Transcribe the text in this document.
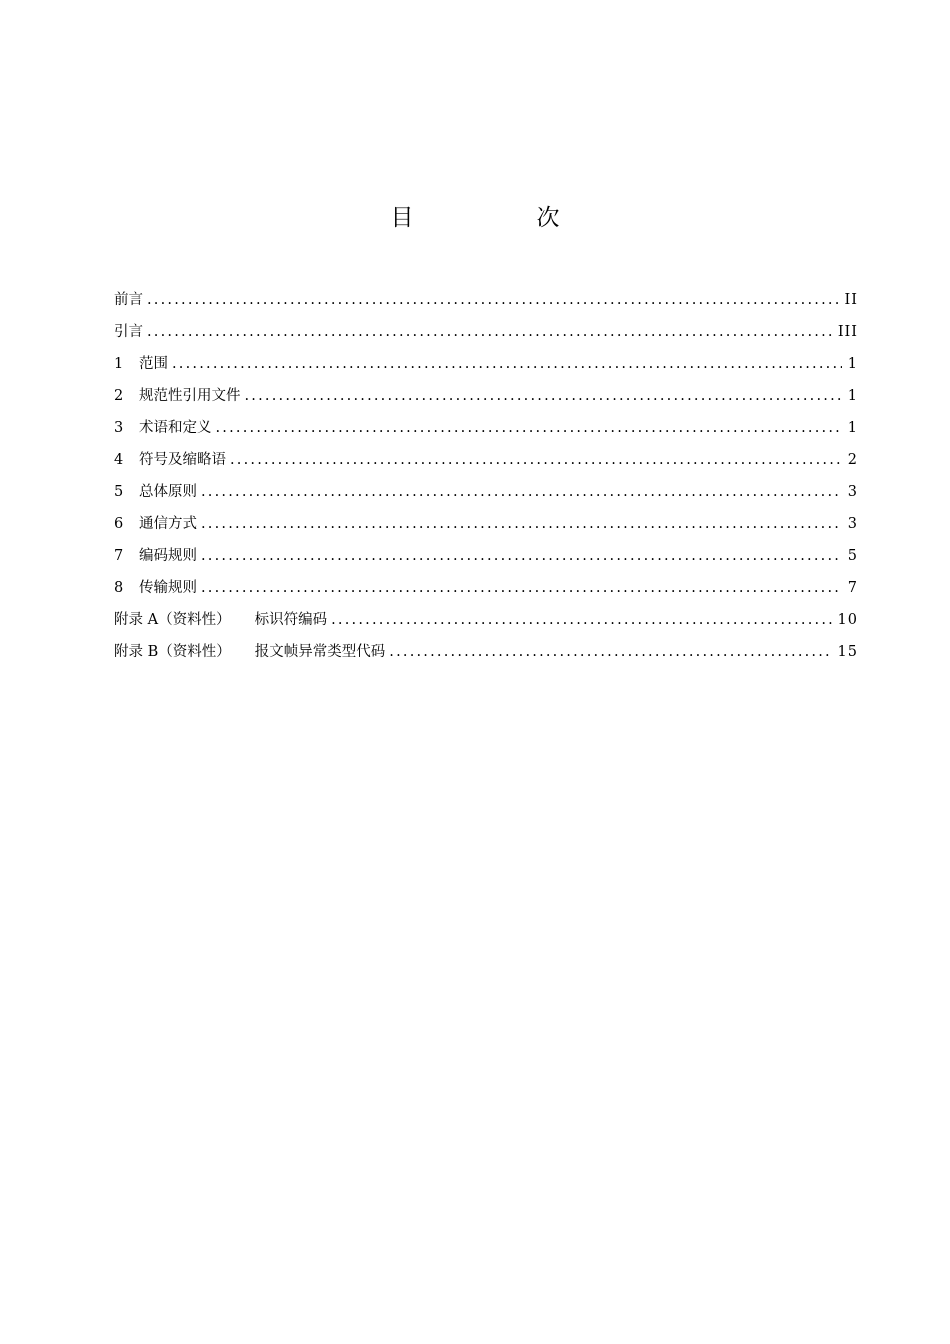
目　次
前言 .....	II
引言 .....	III
1	范围 .....	1
2	规范性引用文件 .....	1
3	术语和定义 .....	1
4	符号及缩略语 .....	2
5	总体原则 .....	3
6	通信方式 .....	3
7	编码规则 .....	5
8	传输规则 .....	7
附录 A（资料性） 标识符编码 .....	10
附录 B（资料性） 报文帧异常类型代码 .....	15
